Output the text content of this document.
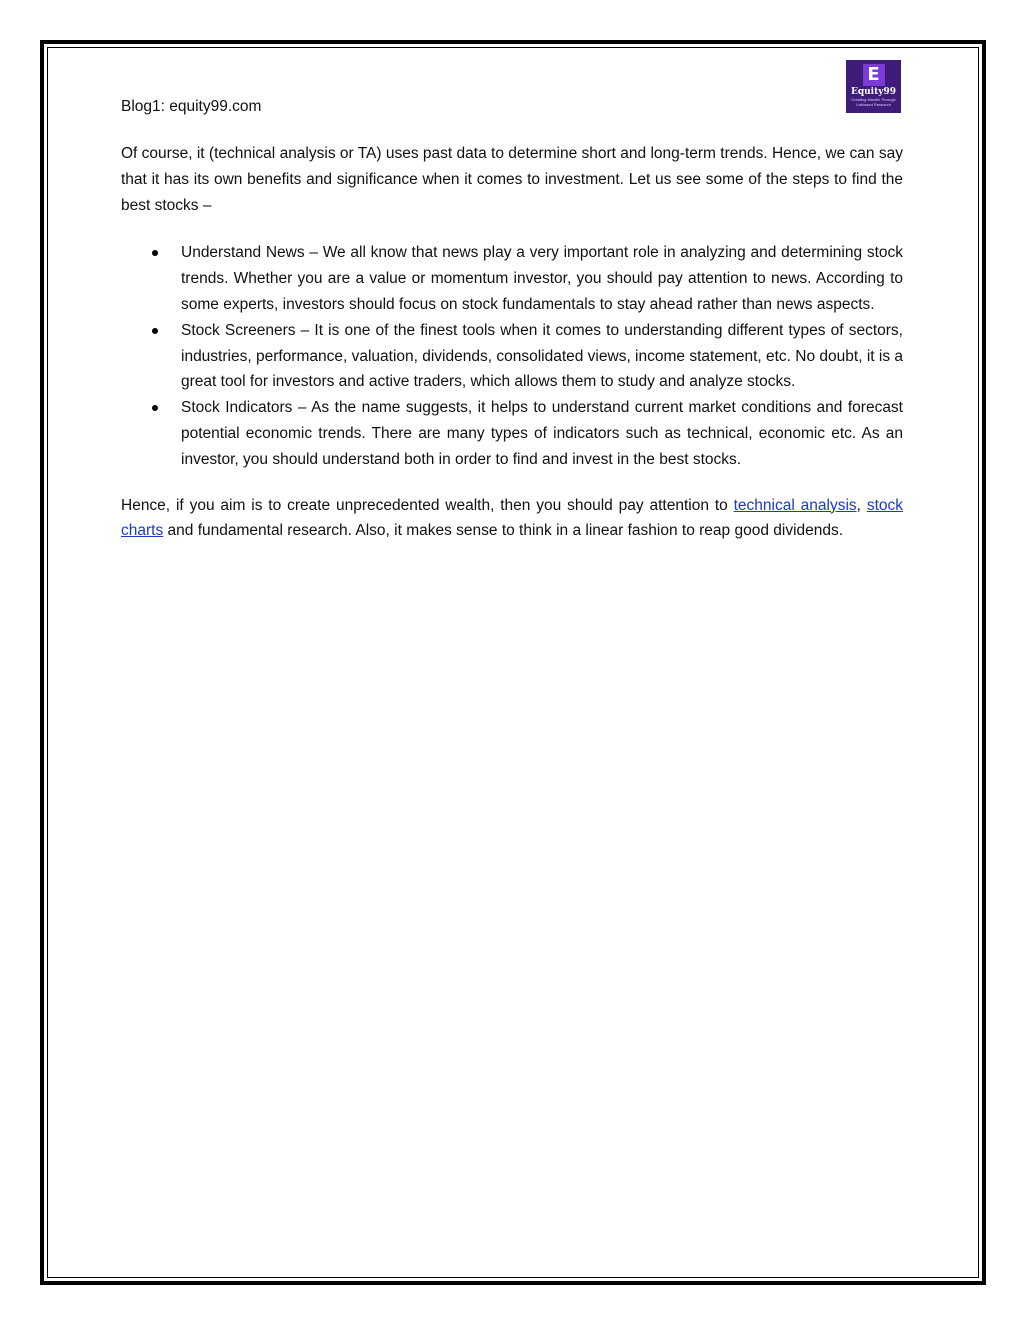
E
Equity99
Creating Wealth Through Unbiased Research
Blog1: equity99.com

Of course, it (technical analysis or TA) uses past data to determine short and long-term trends. Hence, we can say that it has its own benefits and significance when it comes to investment. Let us see some of the steps to find the best stocks –

Understand News – We all know that news play a very important role in analyzing and determining stock trends. Whether you are a value or momentum investor, you should pay attention to news. According to some experts, investors should focus on stock fundamentals to stay ahead rather than news aspects.
Stock Screeners – It is one of the finest tools when it comes to understanding different types of sectors, industries, performance, valuation, dividends, consolidated views, income statement, etc. No doubt, it is a great tool for investors and active traders, which allows them to study and analyze stocks.
Stock Indicators – As the name suggests, it helps to understand current market conditions and forecast potential economic trends. There are many types of indicators such as technical, economic etc. As an investor, you should understand both in order to find and invest in the best stocks.

Hence, if you aim is to create unprecedented wealth, then you should pay attention to technical analysis, stock charts and fundamental research. Also, it makes sense to think in a linear fashion to reap good dividends.
